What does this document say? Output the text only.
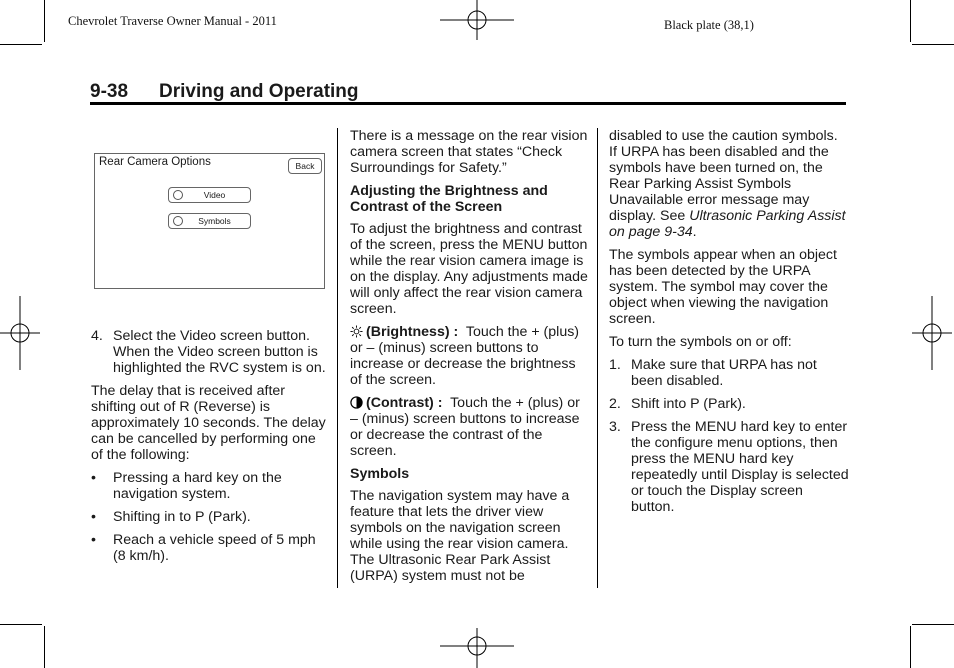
Chevrolet Traverse Owner Manual - 2011	Black plate (38,1)
9-38 Driving and Operating
Rear Camera Options	Back
Video
Symbols
4. Select the Video screen button. When the Video screen button is highlighted the RVC system is on.

The delay that is received after shifting out of R (Reverse) is approximately 10 seconds. The delay can be cancelled by performing one of the following:

• Pressing a hard key on the navigation system.
• Shifting in to P (Park).
• Reach a vehicle speed of 5 mph (8 km/h).

There is a message on the rear vision camera screen that states “Check Surroundings for Safety.”

Adjusting the Brightness and Contrast of the Screen

To adjust the brightness and contrast of the screen, press the MENU button while the rear vision camera image is on the display. Any adjustments made will only affect the rear vision camera screen.

(Brightness) : Touch the + (plus) or – (minus) screen buttons to increase or decrease the brightness of the screen.

(Contrast) : Touch the + (plus) or – (minus) screen buttons to increase or decrease the contrast of the screen.

Symbols

The navigation system may have a feature that lets the driver view symbols on the navigation screen while using the rear vision camera. The Ultrasonic Rear Park Assist (URPA) system must not be

disabled to use the caution symbols. If URPA has been disabled and the symbols have been turned on, the Rear Parking Assist Symbols Unavailable error message may display. See Ultrasonic Parking Assist on page 9-34.

The symbols appear when an object has been detected by the URPA system. The symbol may cover the object when viewing the navigation screen.

To turn the symbols on or off:

1. Make sure that URPA has not been disabled.
2. Shift into P (Park).
3. Press the MENU hard key to enter the configure menu options, then press the MENU hard key repeatedly until Display is selected or touch the Display screen button.
